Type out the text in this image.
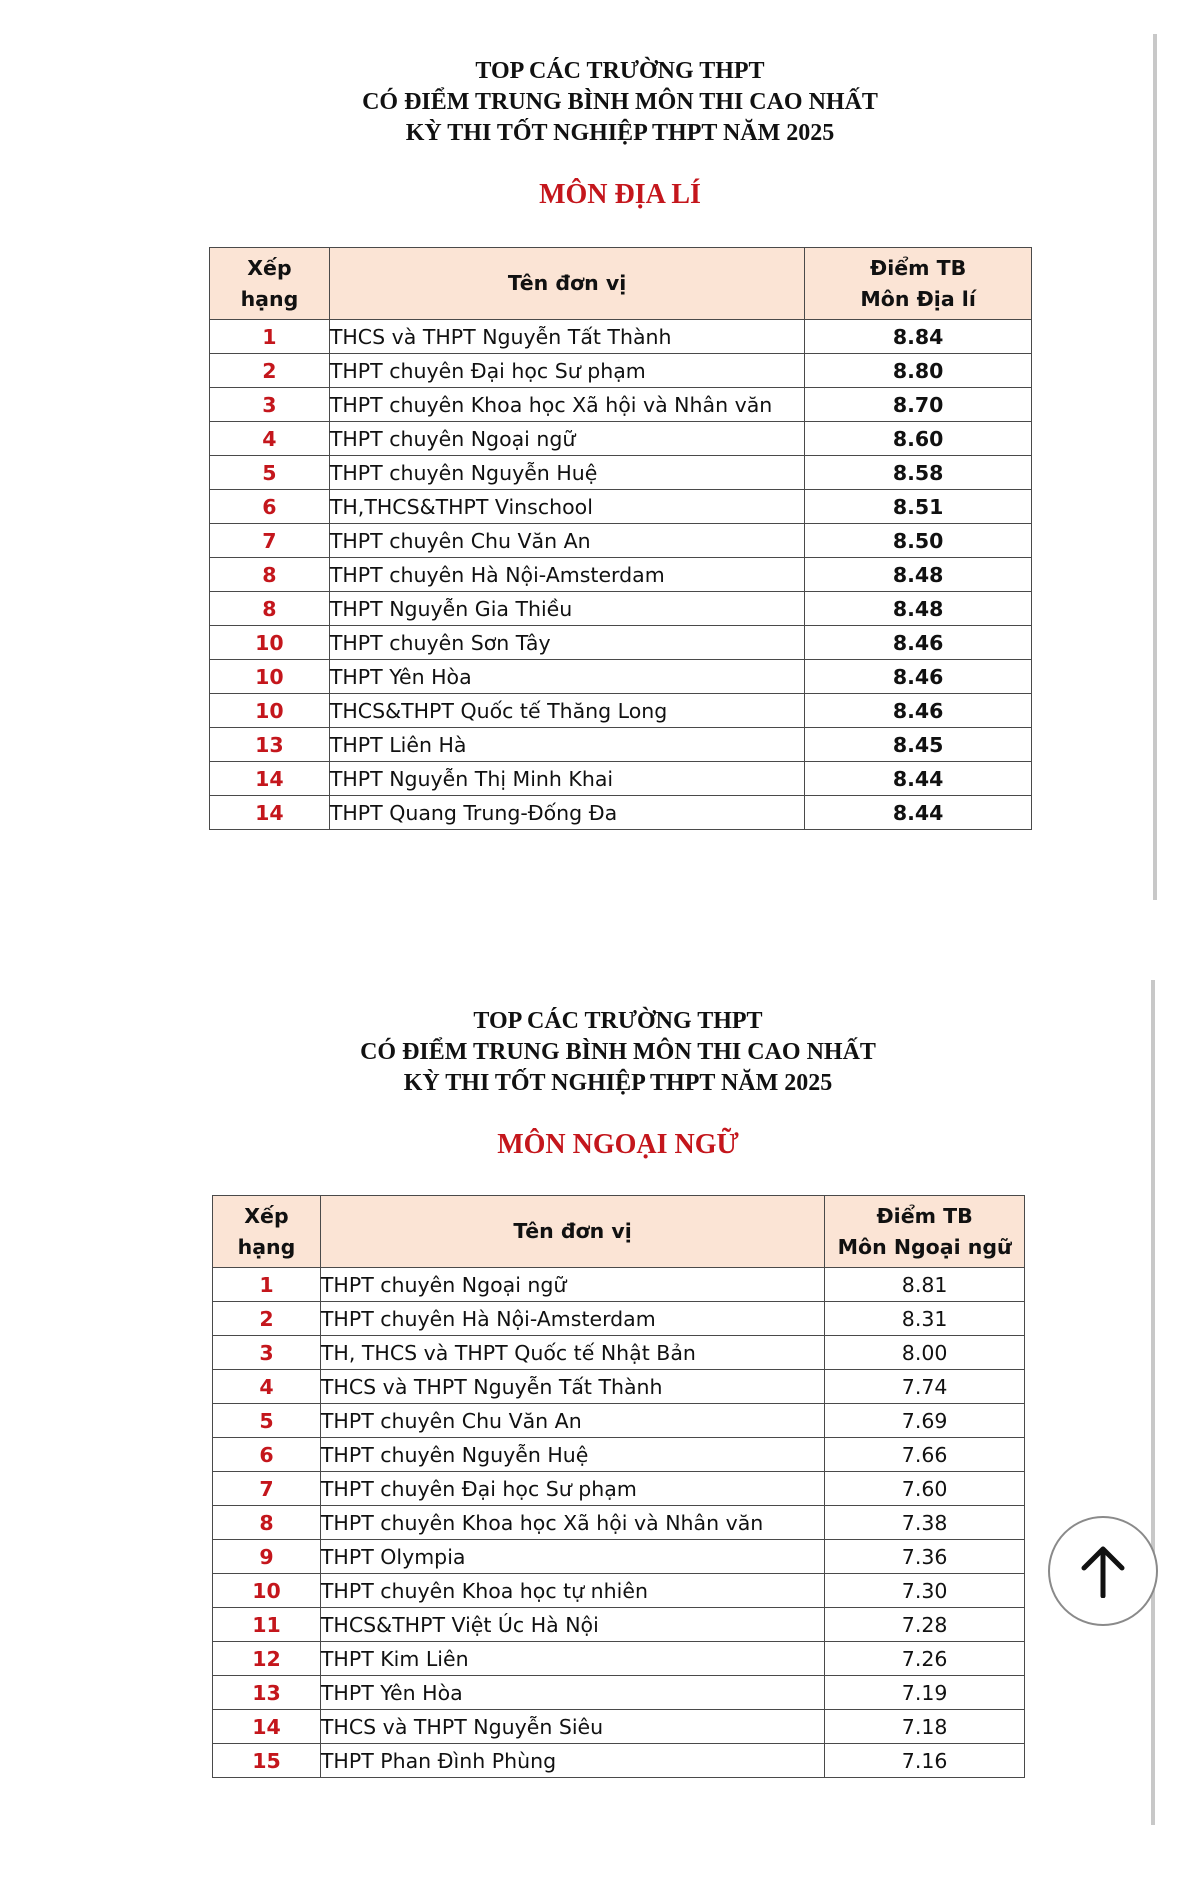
TOP CÁC TRƯỜNG THPT
CÓ ĐIỂM TRUNG BÌNH MÔN THI CAO NHẤT
KỲ THI TỐT NGHIỆP THPT NĂM 2025
MÔN ĐỊA LÍ
Xếp
hạng	Tên đơn vị	Điểm TB
Môn Địa lí
1	THCS và THPT Nguyễn Tất Thành	8.84
2	THPT chuyên Đại học Sư phạm	8.80
3	THPT chuyên Khoa học Xã hội và Nhân văn	8.70
4	THPT chuyên Ngoại ngữ	8.60
5	THPT chuyên Nguyễn Huệ	8.58
6	TH,THCS&THPT Vinschool	8.51
7	THPT chuyên Chu Văn An	8.50
8	THPT chuyên Hà Nội-Amsterdam	8.48
8	THPT Nguyễn Gia Thiều	8.48
10	THPT chuyên Sơn Tây	8.46
10	THPT Yên Hòa	8.46
10	THCS&THPT Quốc tế Thăng Long	8.46
13	THPT Liên Hà	8.45
14	THPT Nguyễn Thị Minh Khai	8.44
14	THPT Quang Trung-Đống Đa	8.44
TOP CÁC TRƯỜNG THPT
CÓ ĐIỂM TRUNG BÌNH MÔN THI CAO NHẤT
KỲ THI TỐT NGHIỆP THPT NĂM 2025
MÔN NGOẠI NGỮ
Xếp
hạng	Tên đơn vị	Điểm TB
Môn Ngoại ngữ
1	THPT chuyên Ngoại ngữ	8.81
2	THPT chuyên Hà Nội-Amsterdam	8.31
3	TH, THCS và THPT Quốc tế Nhật Bản	8.00
4	THCS và THPT Nguyễn Tất Thành	7.74
5	THPT chuyên Chu Văn An	7.69
6	THPT chuyên Nguyễn Huệ	7.66
7	THPT chuyên Đại học Sư phạm	7.60
8	THPT chuyên Khoa học Xã hội và Nhân văn	7.38
9	THPT Olympia	7.36
10	THPT chuyên Khoa học tự nhiên	7.30
11	THCS&THPT Việt Úc Hà Nội	7.28
12	THPT Kim Liên	7.26
13	THPT Yên Hòa	7.19
14	THCS và THPT Nguyễn Siêu	7.18
15	THPT Phan Đình Phùng	7.16
